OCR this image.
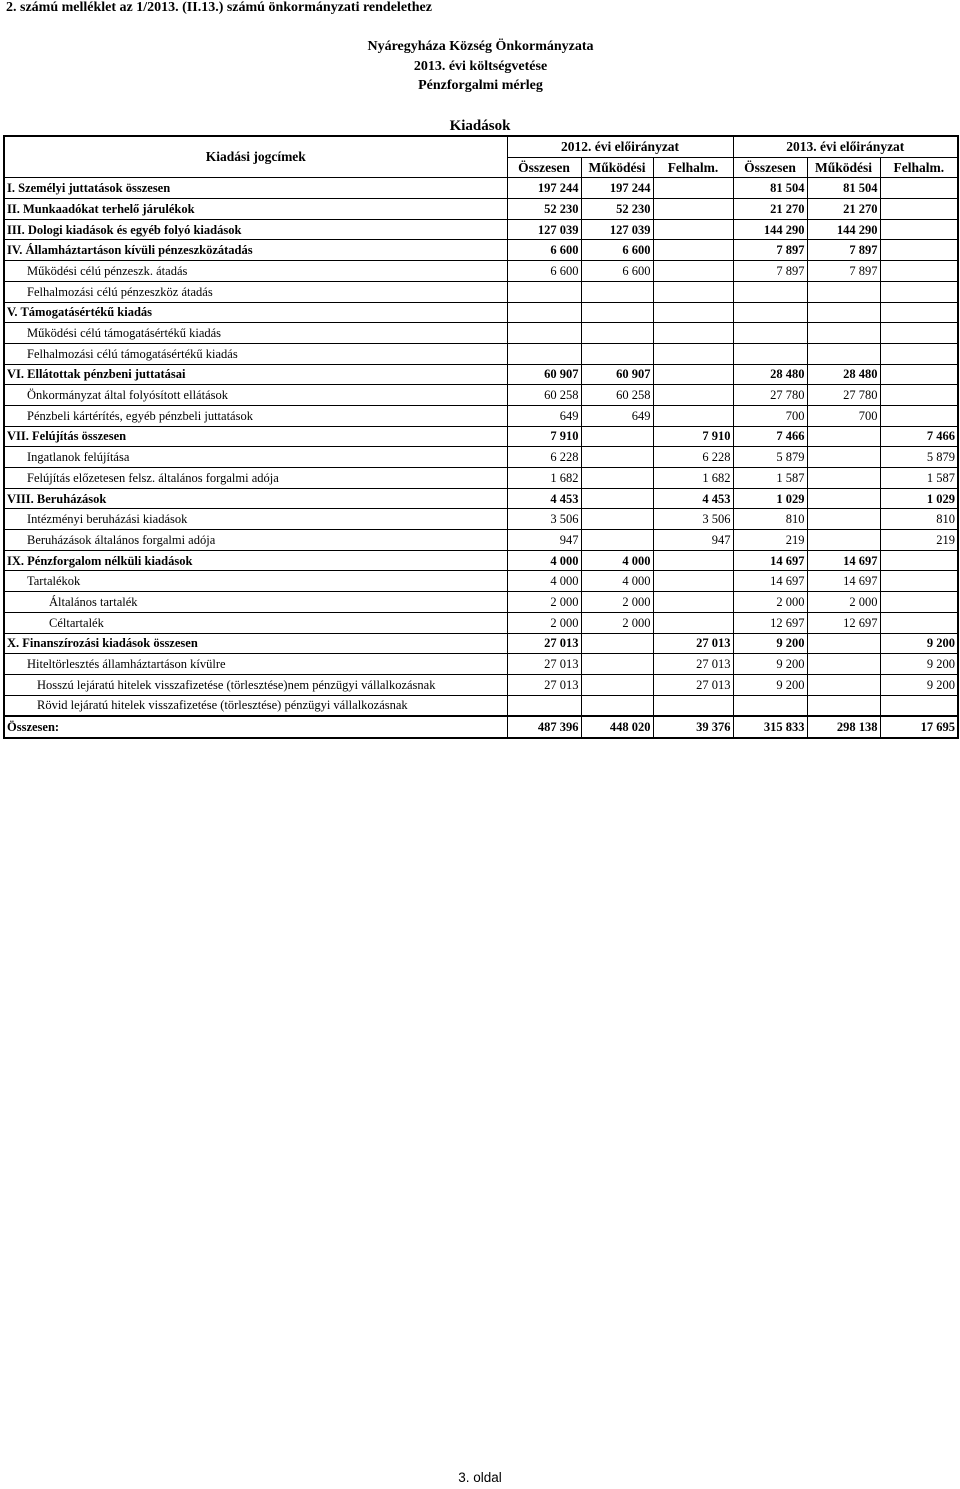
2. számú melléklet az 1/2013. (II.13.) számú önkormányzati rendelethez
Nyáregyháza Község Önkormányzata
2013. évi költségvetése
Pénzforgalmi mérleg
Kiadások
Kiadási jogcímek	2012. évi előirányzat			2013. évi előirányzat		
	Összesen	Működési	Felhalm.	Összesen	Működési	Felhalm.
I. Személyi juttatások összesen	197 244	197 244		81 504	81 504	
II. Munkaadókat terhelő járulékok	52 230	52 230		21 270	21 270	
III. Dologi kiadások és egyéb folyó kiadások	127 039	127 039		144 290	144 290	
IV. Államháztartáson kívüli pénzeszközátadás	6 600	6 600		7 897	7 897	
Működési célú pénzeszk. átadás	6 600	6 600		7 897	7 897	
Felhalmozási célú pénzeszköz átadás						
V. Támogatásértékű kiadás						
Működési célú támogatásértékű kiadás						
Felhalmozási célú támogatásértékű kiadás						
VI. Ellátottak pénzbeni juttatásai	60 907	60 907		28 480	28 480	
Önkormányzat által folyósított ellátások	60 258	60 258		27 780	27 780	
Pénzbeli kártérítés, egyéb pénzbeli juttatások	649	649		700	700	
VII. Felújítás összesen	7 910		7 910	7 466		7 466
Ingatlanok felújítása	6 228		6 228	5 879		5 879
Felújítás előzetesen felsz. általános forgalmi adója	1 682		1 682	1 587		1 587
VIII. Beruházások	4 453		4 453	1 029		1 029
Intézményi beruházási kiadások	3 506		3 506	810		810
Beruházások általános forgalmi adója	947		947	219		219
IX. Pénzforgalom nélküli kiadások	4 000	4 000		14 697	14 697	
Tartalékok	4 000	4 000		14 697	14 697	
Általános tartalék	2 000	2 000		2 000	2 000	
Céltartalék	2 000	2 000		12 697	12 697	
X. Finanszírozási kiadások összesen	27 013		27 013	9 200		9 200
Hiteltörlesztés államháztartáson kívülre	27 013		27 013	9 200		9 200
Hosszú lejáratú hitelek visszafizetése (törlesztése)nem pénzügyi vállalkozásnak	27 013		27 013	9 200		9 200
Rövid lejáratú hitelek visszafizetése (törlesztése) pénzügyi vállalkozásnak						
Összesen:	487 396	448 020	39 376	315 833	298 138	17 695
3. oldal
